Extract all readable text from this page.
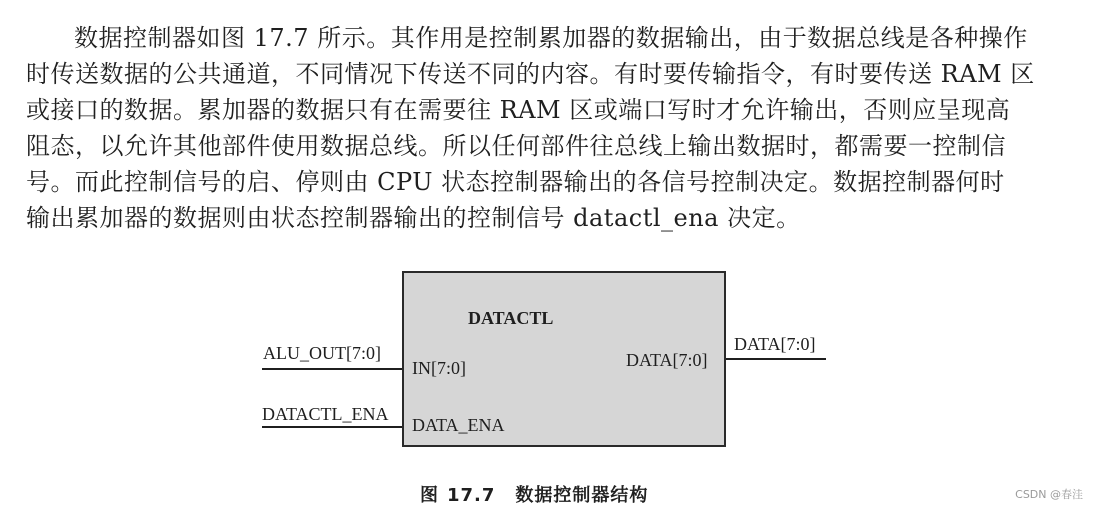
数据控制器如图 17.7 所示。其作用是控制累加器的数据输出，由于数据总线是各种操作
时传送数据的公共通道，不同情况下传送不同的内容。有时要传输指令，有时要传送 RAM 区
或接口的数据。累加器的数据只有在需要往 RAM 区或端口写时才允许输出，否则应呈现高
阻态，以允许其他部件使用数据总线。所以任何部件往总线上输出数据时，都需要一控制信
号。而此控制信号的启、停则由 CPU 状态控制器输出的各信号控制决定。数据控制器何时
输出累加器的数据则由状态控制器输出的控制信号 datactl_ena 决定。
DATACTL
IN[7:0]
DATA_ENA
DATA[7:0]
ALU_OUT[7:0]
DATACTL_ENA
DATA[7:0]
图 17.7 数据控制器结构	CSDN @春洼
